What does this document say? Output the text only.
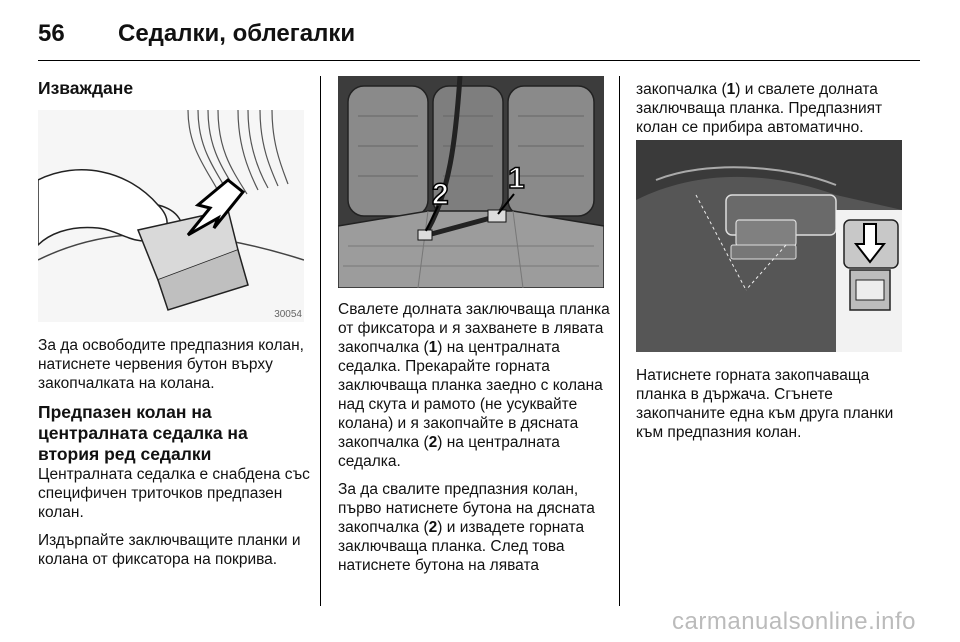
56 Седалки, облегалки
Изваждане
30054

За да освободите предпазния колан, натиснете червения бутон върху закопчалката на колана.

Предпазен колан на централната седалка на втория ред седалки

Централната седалка е снабдена със специфичен триточков предпазен колан.

Издърпайте заключващите планки и колана от фиксатора на покрива.

1
2

Свалете долната заключваща планка от фиксатора и я захванете в лявата закопчалка (1) на централната седалка. Прекарайте горната заключваща планка заедно с колана над скута и рамото (не усуквайте колана) и я закопчайте в дясната закопчалка (2) на централната седалка.

За да свалите предпазния колан, първо натиснете бутона на дясната закопчалка (2) и извадете горната заключваща планка. След това натиснете бутона на лявата

закопчалка (1) и свалете долната заключваща планка. Предпазният колан се прибира автоматично.

Натиснете горната закопчаваща планка в държача. Сгънете закопчаните една към друга планки към предпазния колан.

carmanualsonline.info
